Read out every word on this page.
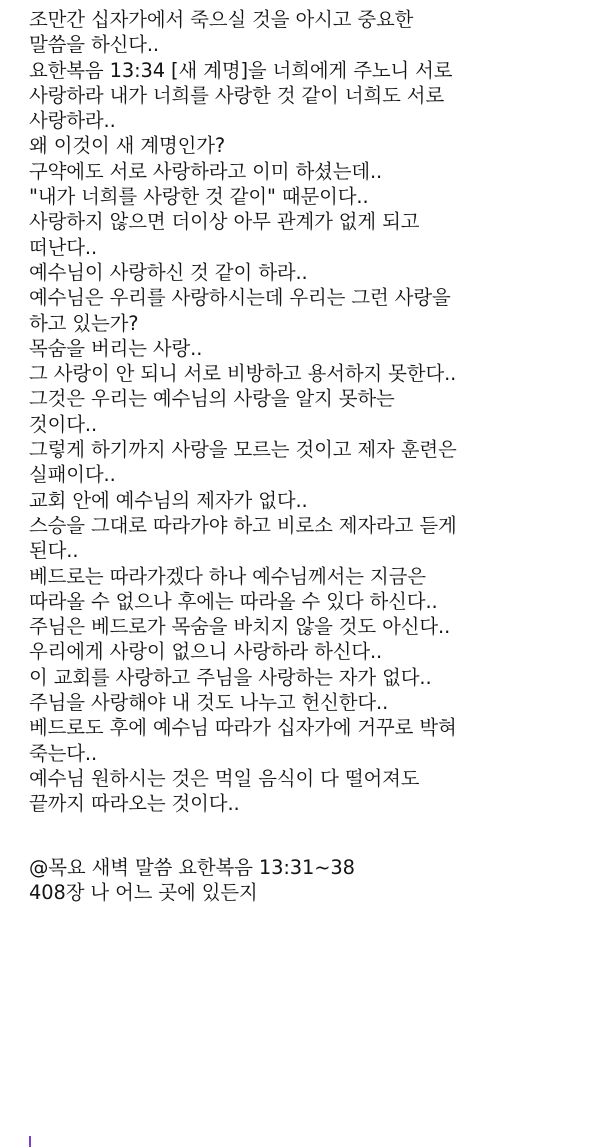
조만간 십자가에서 죽으실 것을 아시고 중요한
말씀을 하신다..
요한복음 13:34 [새 계명]을 너희에게 주노니 서로
사랑하라 내가 너희를 사랑한 것 같이 너희도 서로
사랑하라..
왜 이것이 새 계명인가?
구약에도 서로 사랑하라고 이미 하셨는데..
"내가 너희를 사랑한 것 같이" 때문이다..
사랑하지 않으면 더이상 아무 관계가 없게 되고
떠난다..
예수님이 사랑하신 것 같이 하라..
예수님은 우리를 사랑하시는데 우리는 그런 사랑을
하고 있는가?
목숨을 버리는 사랑..
그 사랑이 안 되니 서로 비방하고 용서하지 못한다..
그것은 우리는 예수님의 사랑을 알지 못하는
것이다..
그렇게 하기까지 사랑을 모르는 것이고 제자 훈련은
실패이다..
교회 안에 예수님의 제자가 없다..
스승을 그대로 따라가야 하고 비로소 제자라고 듣게
된다..
베드로는 따라가겠다 하나 예수님께서는 지금은
따라올 수 없으나 후에는 따라올 수 있다 하신다..
주님은 베드로가 목숨을 바치지 않을 것도 아신다..
우리에게 사랑이 없으니 사랑하라 하신다..
이 교회를 사랑하고 주님을 사랑하는 자가 없다..
주님을 사랑해야 내 것도 나누고 헌신한다..
베드로도 후에 예수님 따라가 십자가에 거꾸로 박혀
죽는다..
예수님 원하시는 것은 먹일 음식이 다 떨어져도
끝까지 따라오는 것이다..
@목요 새벽 말씀 요한복음 13:31~38
408장 나 어느 곳에 있든지
